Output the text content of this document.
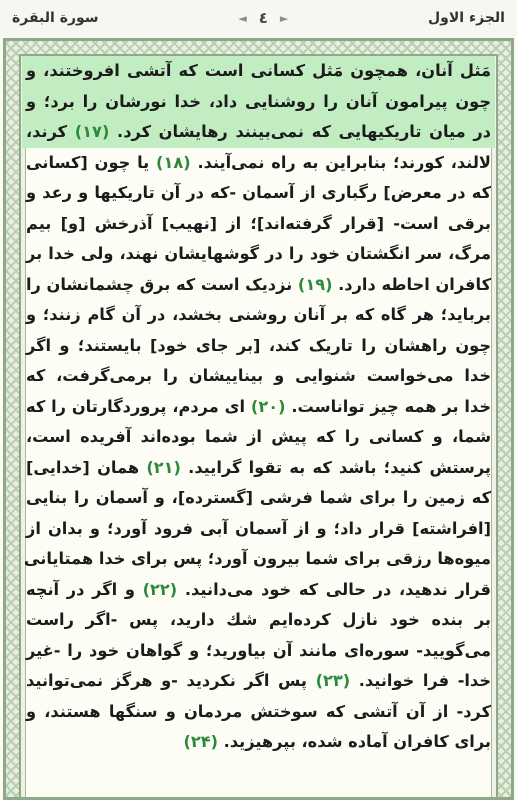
سورة البقرة	◄ ٤ ►	الجزء الاول
مَثل آنان، همچون مَثل کسانی است که آتشی افروختند، و
چون پیرامون آنان را روشنایی داد، خدا نورشان را برد؛ و
در میان تاریکیهایی که نمی‌بینند رهایشان کرد. (۱۷) کرند،
لالند، کورند؛ بنابراین به راه نمی‌آیند. (۱۸) یا چون [کسانی
که در معرض] رگباری از آسمان -که در آن تاریکیها و رعد و
برقی است- [قرار گرفته‌اند]؛ از [نهیب] آذرخش [و] بیم
مرگ، سر انگشتان خود را در گوشهایشان نهند، ولی خدا بر
کافران احاطه دارد. (۱۹) نزدیک است که برق چشمانشان را
برباید؛ هر گاه که بر آنان روشنی بخشد، در آن گام زنند؛ و
چون راهشان را تاریک کند، [بر جای خود] بایستند؛ و اگر
خدا می‌خواست شنوایی و بیناییشان را برمی‌گرفت، که
خدا بر همه چیز تواناست. (۲۰) ای مردم، پروردگارتان را که
شما، و کسانی را که پیش از شما بوده‌اند آفریده است،
پرستش کنید؛ باشد که به تقوا گرایید. (۲۱) همان [خدایی]
که زمین را برای شما فرشی [گسترده]، و آسمان را بنایی
[افراشته] قرار داد؛ و از آسمان آبی فرود آورد؛ و بدان از
میوه‌ها رزقی برای شما بیرون آورد؛ پس برای خدا همتایانی
قرار ندهید، در حالی که خود می‌دانید. (۲۲) و اگر در آنچه
بر بنده خود نازل کرده‌ایم شك دارید، پس -اگر راست
می‌گویید- سوره‌ای مانند آن بیاورید؛ و گواهان خود را -غیر
خدا- فرا خوانید. (۲۳) پس اگر نکردید -و هرگز نمی‌توانید
کرد- از آن آتشی که سوختش مردمان و سنگها هستند، و
برای کافران آماده شده، بپرهیزید. (۲۴)
